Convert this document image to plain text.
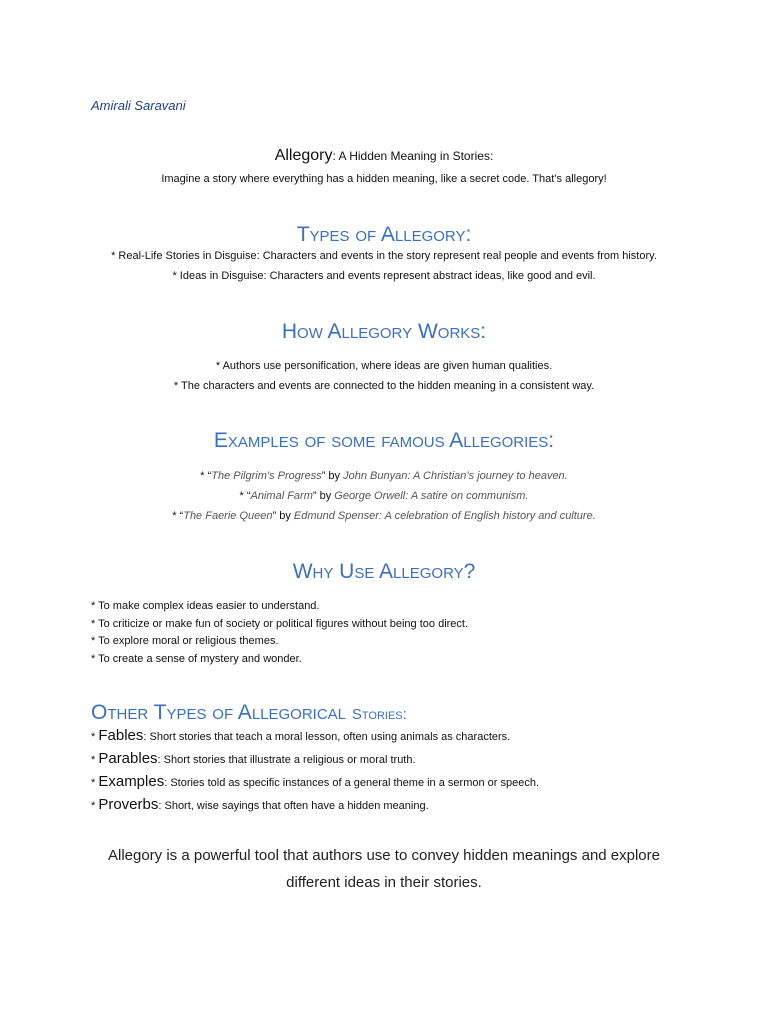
Amirali Saravani

Allegory: A Hidden Meaning in Stories:

Imagine a story where everything has a hidden meaning, like a secret code. That’s allegory!

Types of Allegory:
* Real-Life Stories in Disguise: Characters and events in the story represent real people and events from history.
* Ideas in Disguise: Characters and events represent abstract ideas, like good and evil.
How Allegory Works:
* Authors use personification, where ideas are given human qualities.
* The characters and events are connected to the hidden meaning in a consistent way.
Examples of some famous Allegories:
* “The Pilgrim’s Progress” by John Bunyan: A Christian’s journey to heaven.
* “Animal Farm” by George Orwell: A satire on communism.
* “The Faerie Queen” by Edmund Spenser: A celebration of English history and culture.
Why Use Allegory?
* To make complex ideas easier to understand.
* To criticize or make fun of society or political figures without being too direct.
* To explore moral or religious themes.
* To create a sense of mystery and wonder.
Other Types of Allegorical Stories:
* Fables: Short stories that teach a moral lesson, often using animals as characters.
* Parables: Short stories that illustrate a religious or moral truth.
* Examples: Stories told as specific instances of a general theme in a sermon or speech.
* Proverbs: Short, wise sayings that often have a hidden meaning.

Allegory is a powerful tool that authors use to convey hidden meanings and explore different ideas in their stories.
